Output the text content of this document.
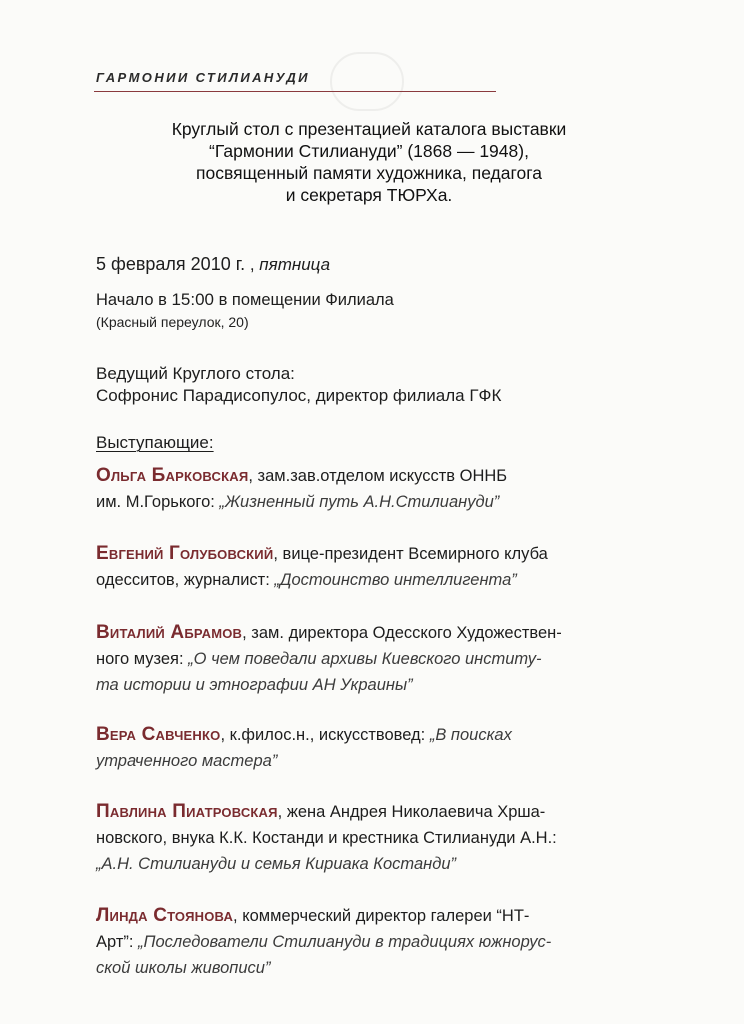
ГАРМОНИИ СТИЛИАНУДИ
Круглый стол с презентацией каталога выставки
“Гармонии Стилиануди” (1868 — 1948),
посвященный памяти художника, педагога
и секретаря ТЮРХа.
5 февраля 2010 г. , пятница
Начало в 15:00 в помещении Филиала
(Красный переулок, 20)
Ведущий Круглого стола:
Софронис Парадисопулос, директор филиала ГФК
Выступающие:
Ольга Барковская, зам.зав.отделом искусств ОННБ
им. М.Горького: „Жизненный путь А.Н.Стилиануди”
Евгений Голубовский, вице-президент Всемирного клуба
одесситов, журналист: „Достоинство интеллигента”
Виталий Абрамов, зам. директора Одесского Художествен-
ного музея: „О чем поведали архивы Киевского институ-
та истории и этнографии АН Украины”
Вера Савченко, к.филос.н., искусствовед: „В поисках
утраченного мастера”
Павлина Пиатровская, жена Андрея Николаевича Хрша-
новского, внука К.К. Костанди и крестника Стилиануди А.Н.:
„А.Н. Стилиануди и семья Кириака Костанди”
Линда Стоянова, коммерческий директор галереи “НТ-
Арт”: „Последователи Стилиануди в традициях южнорус-
ской школы живописи”
